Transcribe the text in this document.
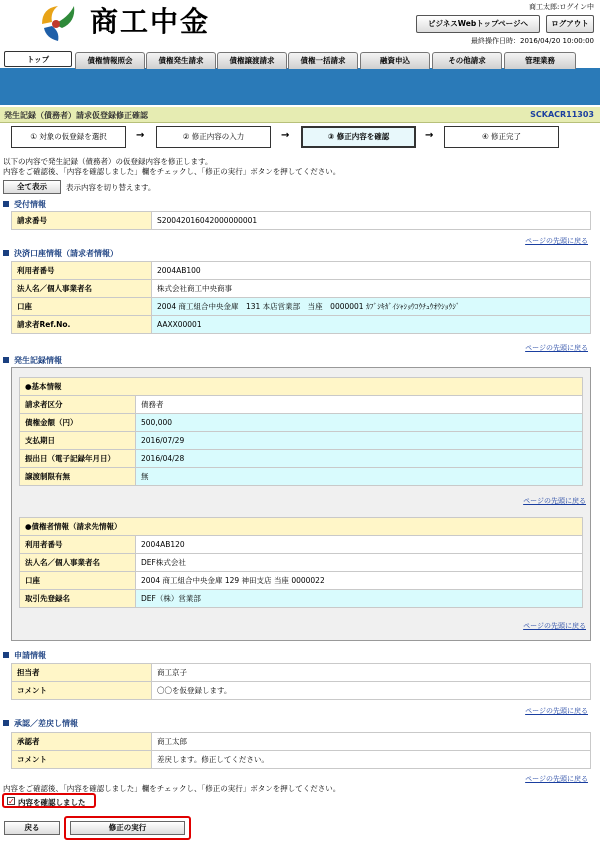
商工中金	商工太郎:ログイン中
ビジネスWebトップページへ	ログアウト
最終操作日時：2016/04/20 10:00:00
トップ	債権情報照会	債権発生請求	債権譲渡請求	債権一括請求	融資申込	その他請求	管理業務
発生記録（債務者）請求仮登録修正確認	SCKACR11303
① 対象の仮登録を選択	→	② 修正内容の入力	→	③ 修正内容を確認	→	④ 修正完了
以下の内容で発生記録（債務者）の仮登録内容を修正します。
内容をご確認後、「内容を確認しました」欄をチェックし、「修正の実行」ボタンを押してください。
全て表示	表示内容を切り替えます。
受付情報
請求番号	S20042016042000000001
ページの先頭に戻る
決済口座情報（請求者情報）
利用者番号	2004AB100
法人名／個人事業者名	株式会社商工中央商事
口座	2004 商工組合中央金庫　131 本店営業部　当座　0000001 ｶﾌﾞｼｷｶﾞｲｼｬｼｮｳｺｳﾁｭｳｵｳｼｮｳｼﾞ
請求者Ref.No.	AAXX00001
ページの先頭に戻る
発生記録情報
●基本情報	
請求者区分	債務者
債権金額（円）	500,000
支払期日	2016/07/29
振出日（電子記録年月日）	2016/04/28
譲渡制限有無	無
ページの先頭に戻る
●債権者情報（請求先情報）	
利用者番号	2004AB120
法人名／個人事業者名	DEF株式会社
口座	2004 商工組合中央金庫 129 神田支店 当座 0000022
取引先登録名	DEF（株）営業部
ページの先頭に戻る
申請情報
担当者	商工京子
コメント	〇〇を仮登録します。
ページの先頭に戻る
承認／差戻し情報
承認者	商工太郎
コメント	差戻します。修正してください。
ページの先頭に戻る
内容をご確認後、「内容を確認しました」欄をチェックし、「修正の実行」ボタンを押してください。
✓ 内容を確認しました
戻る	修正の実行
